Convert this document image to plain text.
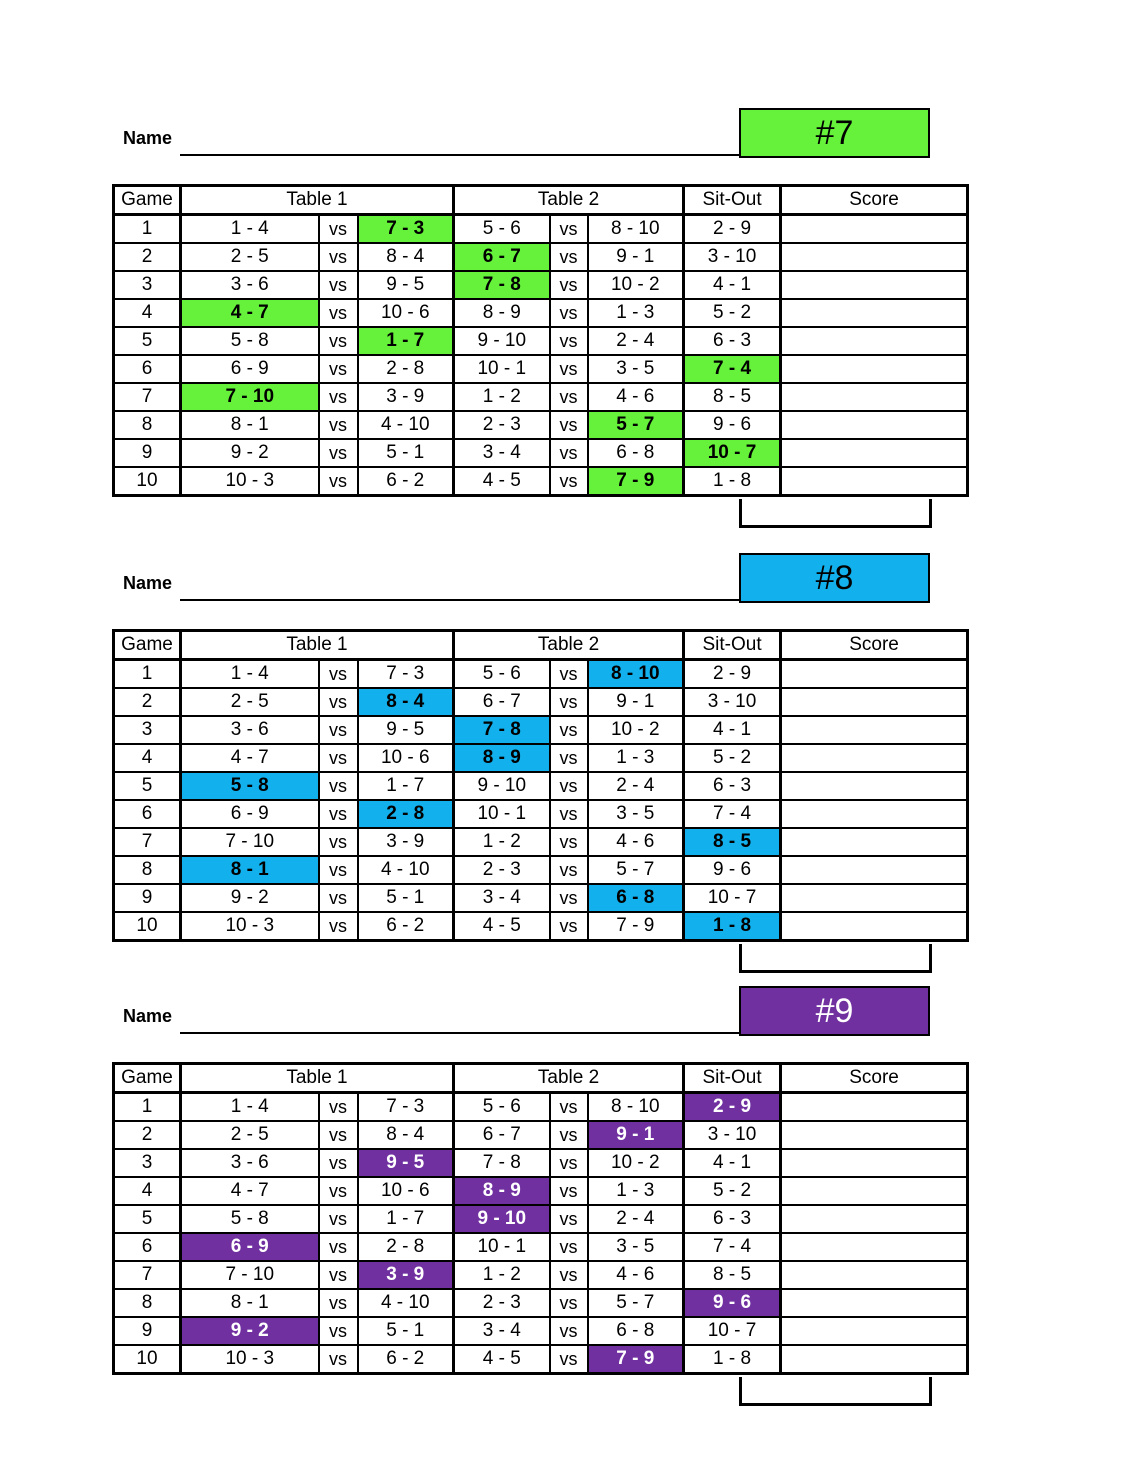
Name	#7
Game	Table 1			Table 2			Sit-Out	Score
1	1 - 4	vs	7 - 3	5 - 6	vs	8 - 10	2 - 9	
2	2 - 5	vs	8 - 4	6 - 7	vs	9 - 1	3 - 10	
3	3 - 6	vs	9 - 5	7 - 8	vs	10 - 2	4 - 1	
4	4 - 7	vs	10 - 6	8 - 9	vs	1 - 3	5 - 2	
5	5 - 8	vs	1 - 7	9 - 10	vs	2 - 4	6 - 3	
6	6 - 9	vs	2 - 8	10 - 1	vs	3 - 5	7 - 4	
7	7 - 10	vs	3 - 9	1 - 2	vs	4 - 6	8 - 5	
8	8 - 1	vs	4 - 10	2 - 3	vs	5 - 7	9 - 6	
9	9 - 2	vs	5 - 1	3 - 4	vs	6 - 8	10 - 7	
10	10 - 3	vs	6 - 2	4 - 5	vs	7 - 9	1 - 8	
Name	#8
Game	Table 1			Table 2			Sit-Out	Score
1	1 - 4	vs	7 - 3	5 - 6	vs	8 - 10	2 - 9	
2	2 - 5	vs	8 - 4	6 - 7	vs	9 - 1	3 - 10	
3	3 - 6	vs	9 - 5	7 - 8	vs	10 - 2	4 - 1	
4	4 - 7	vs	10 - 6	8 - 9	vs	1 - 3	5 - 2	
5	5 - 8	vs	1 - 7	9 - 10	vs	2 - 4	6 - 3	
6	6 - 9	vs	2 - 8	10 - 1	vs	3 - 5	7 - 4	
7	7 - 10	vs	3 - 9	1 - 2	vs	4 - 6	8 - 5	
8	8 - 1	vs	4 - 10	2 - 3	vs	5 - 7	9 - 6	
9	9 - 2	vs	5 - 1	3 - 4	vs	6 - 8	10 - 7	
10	10 - 3	vs	6 - 2	4 - 5	vs	7 - 9	1 - 8	
Name	#9
Game	Table 1			Table 2			Sit-Out	Score
1	1 - 4	vs	7 - 3	5 - 6	vs	8 - 10	2 - 9	
2	2 - 5	vs	8 - 4	6 - 7	vs	9 - 1	3 - 10	
3	3 - 6	vs	9 - 5	7 - 8	vs	10 - 2	4 - 1	
4	4 - 7	vs	10 - 6	8 - 9	vs	1 - 3	5 - 2	
5	5 - 8	vs	1 - 7	9 - 10	vs	2 - 4	6 - 3	
6	6 - 9	vs	2 - 8	10 - 1	vs	3 - 5	7 - 4	
7	7 - 10	vs	3 - 9	1 - 2	vs	4 - 6	8 - 5	
8	8 - 1	vs	4 - 10	2 - 3	vs	5 - 7	9 - 6	
9	9 - 2	vs	5 - 1	3 - 4	vs	6 - 8	10 - 7	
10	10 - 3	vs	6 - 2	4 - 5	vs	7 - 9	1 - 8	
